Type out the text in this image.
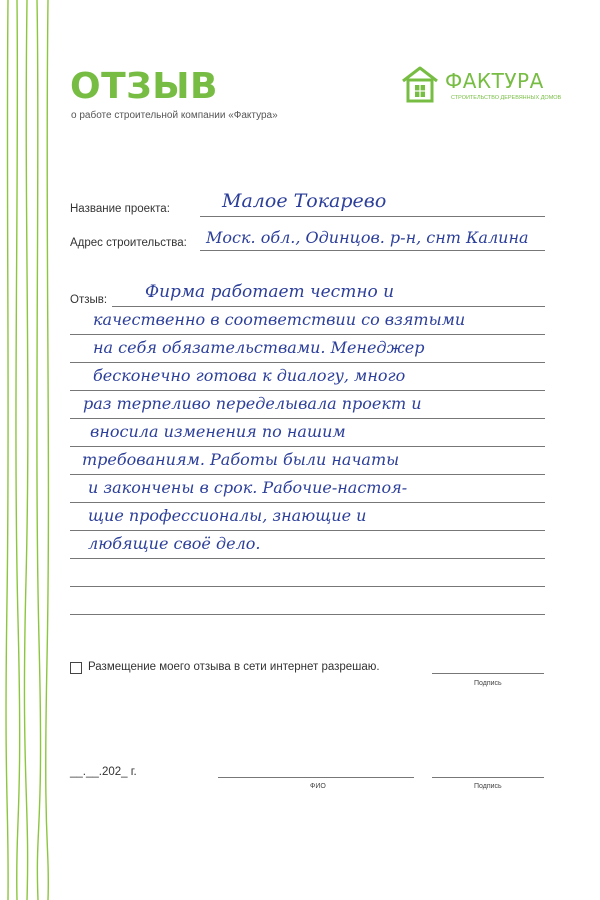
ОТЗЫВ
о работе строительной компании «Фактура»
ФАКТУРА
СТРОИТЕЛЬСТВО ДЕРЕВЯННЫХ ДОМОВ
Название проекта:	Малое Токарево
Адрес строительства: Моск. обл., Одинцов. р-н, снт Калина
Отзыв: Фирма работает честно и
качественно в соответствии со взятыми
на себя обязательствами. Менеджер
бесконечно готова к диалогу, много
раз терпеливо переделывала проект и
вносила изменения по нашим
требованиям. Работы были начаты
и закончены в срок. Рабочие-настоя-
щие профессионалы, знающие и
любящие своё дело.
Размещение моего отзыва в сети интернет разрешаю.
Подпись
__.__.202_ г.
ФИО	Подпись
